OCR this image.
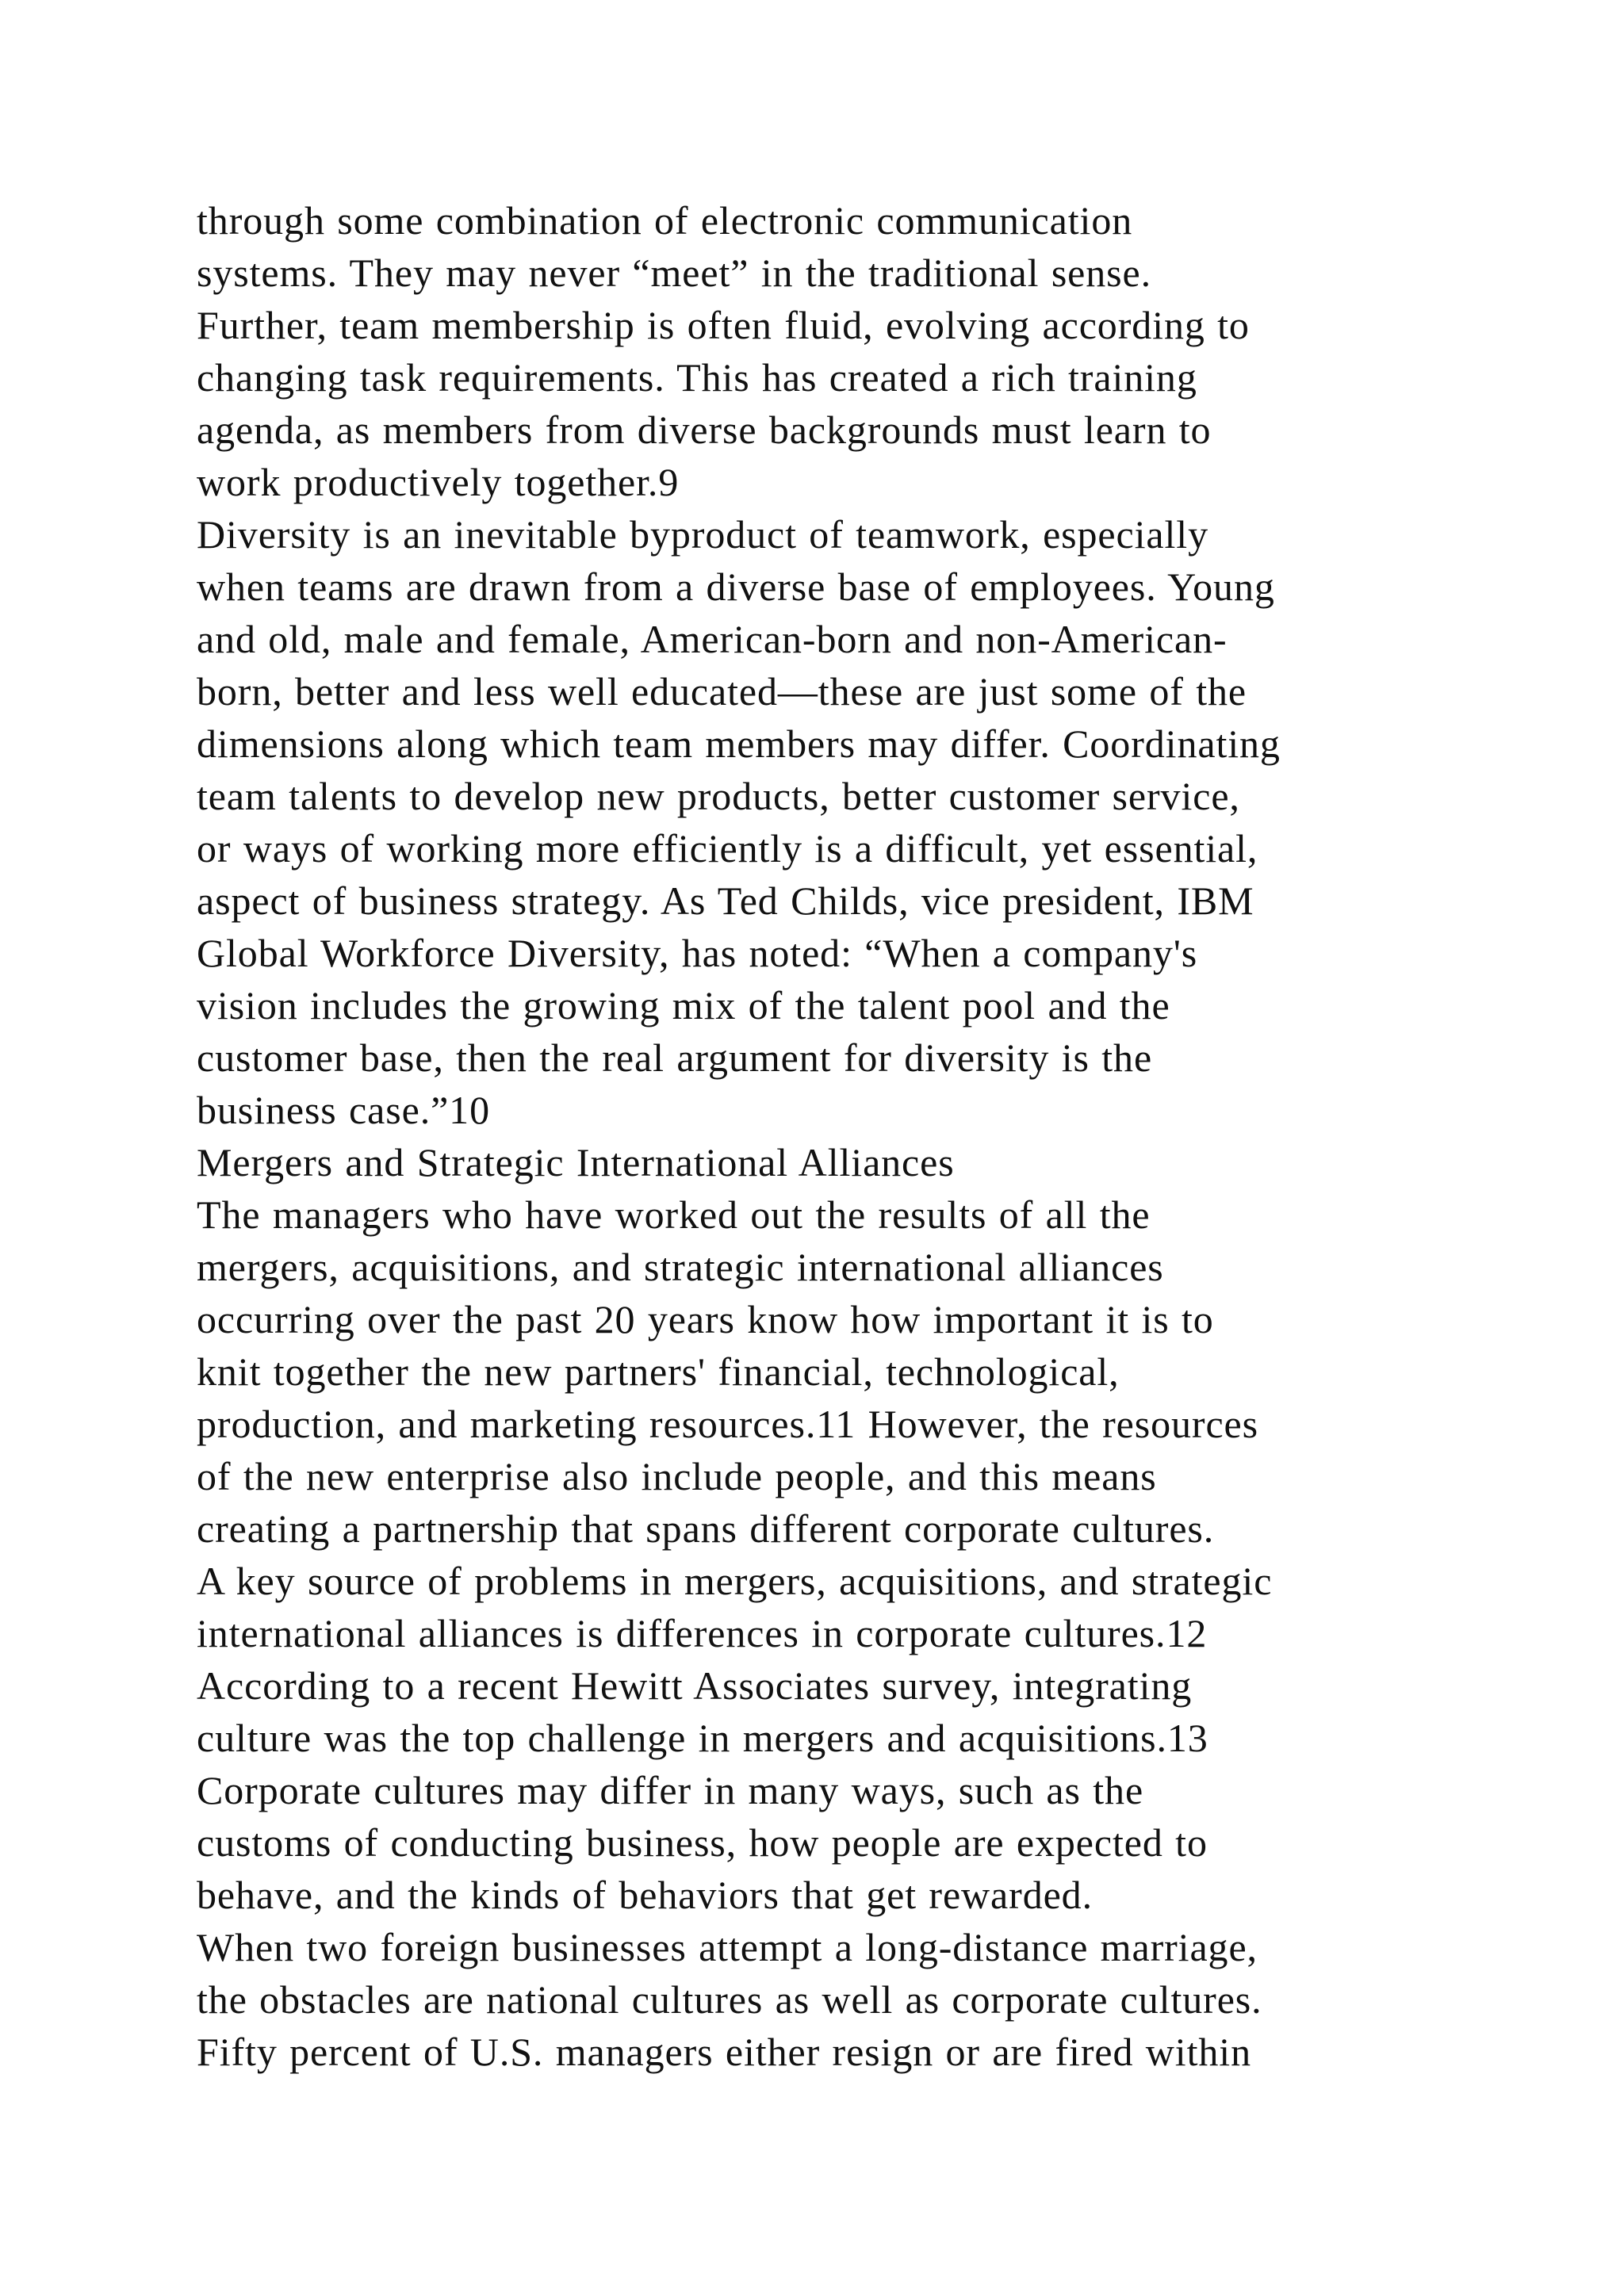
through some combination of electronic communication
systems. They may never “meet” in the traditional sense.
Further, team membership is often fluid, evolving according to
changing task requirements. This has created a rich training
agenda, as members from diverse backgrounds must learn to
work productively together.9
Diversity is an inevitable byproduct of teamwork, especially
when teams are drawn from a diverse base of employees. Young
and old, male and female, American-born and non-American-
born, better and less well educated—these are just some of the
dimensions along which team members may differ. Coordinating
team talents to develop new products, better customer service,
or ways of working more efficiently is a difficult, yet essential,
aspect of business strategy. As Ted Childs, vice president, IBM
Global Workforce Diversity, has noted: “When a company's
vision includes the growing mix of the talent pool and the
customer base, then the real argument for diversity is the
business case.”10
Mergers and Strategic International Alliances
The managers who have worked out the results of all the
mergers, acquisitions, and strategic international alliances
occurring over the past 20 years know how important it is to
knit together the new partners' financial, technological,
production, and marketing resources.11 However, the resources
of the new enterprise also include people, and this means
creating a partnership that spans different corporate cultures.
A key source of problems in mergers, acquisitions, and strategic
international alliances is differences in corporate cultures.12
According to a recent Hewitt Associates survey, integrating
culture was the top challenge in mergers and acquisitions.13
Corporate cultures may differ in many ways, such as the
customs of conducting business, how people are expected to
behave, and the kinds of behaviors that get rewarded.
When two foreign businesses attempt a long-distance marriage,
the obstacles are national cultures as well as corporate cultures.
Fifty percent of U.S. managers either resign or are fired within
